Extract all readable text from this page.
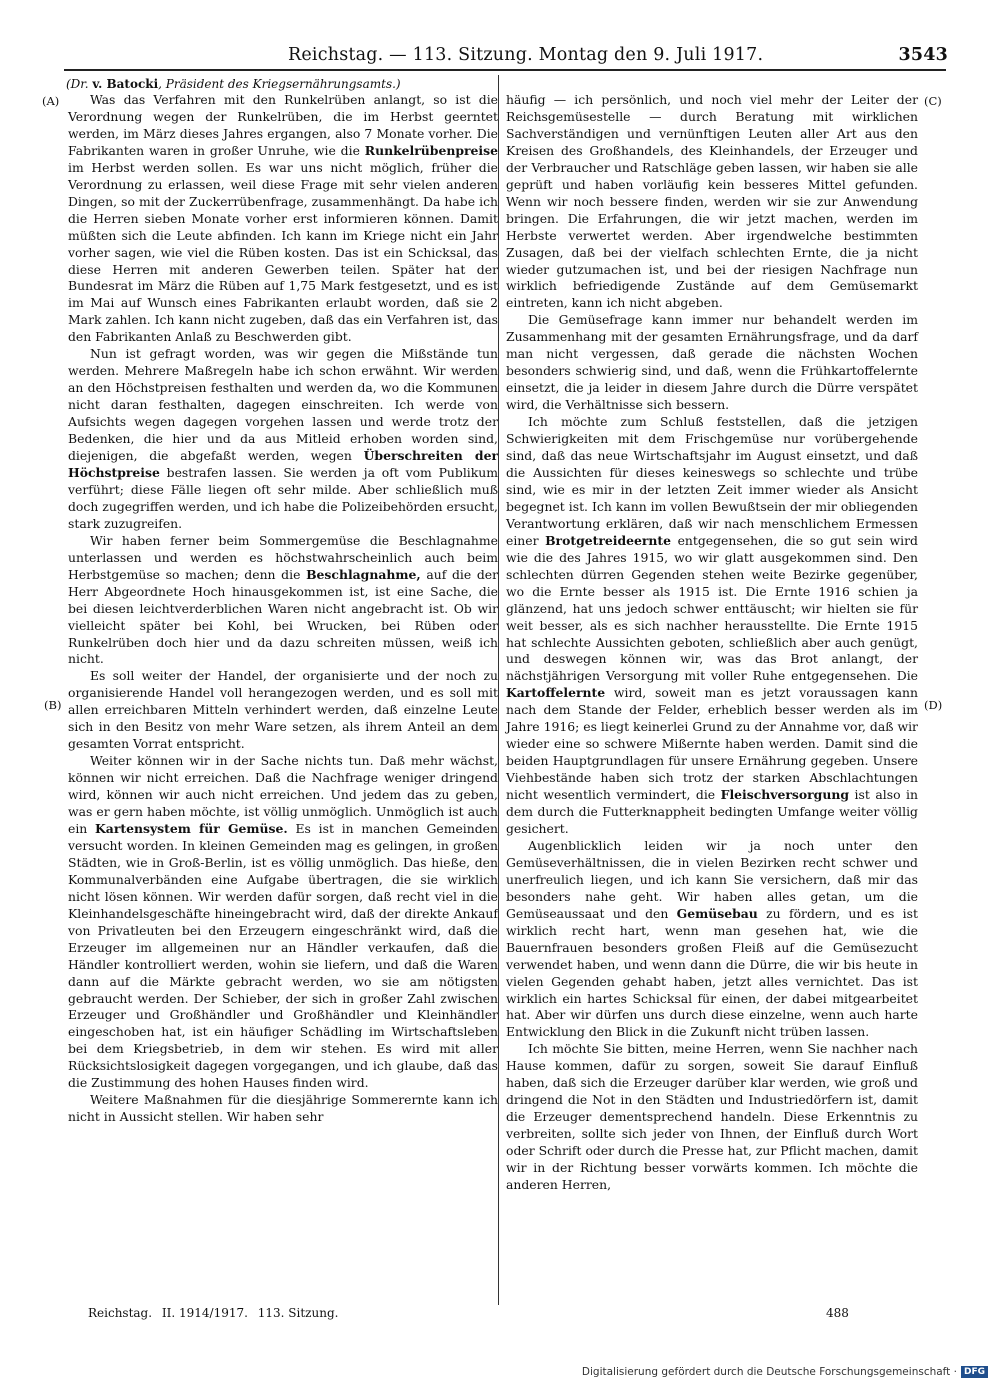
Reichstag. — 113. Sitzung. Montag den 9. Juli 1917.	3543
(Dr. v. Batocki, Präsident des Kriegsernährungsamts.)
(A)
(B)
(C)
(D)

Was das Verfahren mit den Runkelrüben anlangt, so ist die Verordnung wegen der Runkelrüben, die im Herbst geerntet werden, im März dieses Jahres ergangen, also 7 Monate vorher. Die Fabrikanten waren in großer Unruhe, wie die Runkelrübenpreise im Herbst werden sollen. Es war uns nicht möglich, früher die Verordnung zu erlassen, weil diese Frage mit sehr vielen anderen Dingen, so mit der Zuckerrübenfrage, zusammenhängt. Da habe ich die Herren sieben Monate vorher erst informieren können. Damit müßten sich die Leute abfinden. Ich kann im Kriege nicht ein Jahr vorher sagen, wie viel die Rüben kosten. Das ist ein Schicksal, das diese Herren mit anderen Gewerben teilen. Später hat der Bundesrat im März die Rüben auf 1,75 Mark festgesetzt, und es ist im Mai auf Wunsch eines Fabrikanten erlaubt worden, daß sie 2 Mark zahlen. Ich kann nicht zugeben, daß das ein Verfahren ist, das den Fabrikanten Anlaß zu Beschwerden gibt.

Nun ist gefragt worden, was wir gegen die Mißstände tun werden. Mehrere Maßregeln habe ich schon erwähnt. Wir werden an den Höchstpreisen festhalten und werden da, wo die Kommunen nicht daran festhalten, dagegen einschreiten. Ich werde von Aufsichts wegen dagegen vorgehen lassen und werde trotz der Bedenken, die hier und da aus Mitleid erhoben worden sind, diejenigen, die abgefaßt werden, wegen Überschreiten der Höchstpreise bestrafen lassen. Sie werden ja oft vom Publikum verführt; diese Fälle liegen oft sehr milde. Aber schließlich muß doch zugegriffen werden, und ich habe die Polizeibehörden ersucht, stark zuzugreifen.

Wir haben ferner beim Sommergemüse die Beschlagnahme unterlassen und werden es höchstwahrscheinlich auch beim Herbstgemüse so machen; denn die Beschlagnahme, auf die der Herr Abgeordnete Hoch hinausgekommen ist, ist eine Sache, die bei diesen leichtverderblichen Waren nicht angebracht ist. Ob wir vielleicht später bei Kohl, bei Wrucken, bei Rüben oder Runkelrüben doch hier und da dazu schreiten müssen, weiß ich nicht.

Es soll weiter der Handel, der organisierte und der noch zu organisierende Handel voll herangezogen werden, und es soll mit allen erreichbaren Mitteln verhindert werden, daß einzelne Leute sich in den Besitz von mehr Ware setzen, als ihrem Anteil an dem gesamten Vorrat entspricht.

Weiter können wir in der Sache nichts tun. Daß mehr wächst, können wir nicht erreichen. Daß die Nachfrage weniger dringend wird, können wir auch nicht erreichen. Und jedem das zu geben, was er gern haben möchte, ist völlig unmöglich. Unmöglich ist auch ein Kartensystem für Gemüse. Es ist in manchen Gemeinden versucht worden. In kleinen Gemeinden mag es gelingen, in großen Städten, wie in Groß-Berlin, ist es völlig unmöglich. Das hieße, den Kommunalverbänden eine Aufgabe übertragen, die sie wirklich nicht lösen können. Wir werden dafür sorgen, daß recht viel in die Kleinhandelsgeschäfte hineingebracht wird, daß der direkte Ankauf von Privatleuten bei den Erzeugern eingeschränkt wird, daß die Erzeuger im allgemeinen nur an Händler verkaufen, daß die Händler kontrolliert werden, wohin sie liefern, und daß die Waren dann auf die Märkte gebracht werden, wo sie am nötigsten gebraucht werden. Der Schieber, der sich in großer Zahl zwischen Erzeuger und Großhändler und Großhändler und Kleinhändler eingeschoben hat, ist ein häufiger Schädling im Wirtschaftsleben bei dem Kriegsbetrieb, in dem wir stehen. Es wird mit aller Rücksichtslosigkeit dagegen vorgegangen, und ich glaube, daß das die Zustimmung des hohen Hauses finden wird.

Weitere Maßnahmen für die diesjährige Sommerernte kann ich nicht in Aussicht stellen. Wir haben sehr

häufig — ich persönlich, und noch viel mehr der Leiter der Reichsgemüsestelle — durch Beratung mit wirklichen Sachverständigen und vernünftigen Leuten aller Art aus den Kreisen des Großhandels, des Kleinhandels, der Erzeuger und der Verbraucher und Ratschläge geben lassen, wir haben sie alle geprüft und haben vorläufig kein besseres Mittel gefunden. Wenn wir noch bessere finden, werden wir sie zur Anwendung bringen. Die Erfahrungen, die wir jetzt machen, werden im Herbste verwertet werden. Aber irgendwelche bestimmten Zusagen, daß bei der vielfach schlechten Ernte, die ja nicht wieder gutzumachen ist, und bei der riesigen Nachfrage nun wirklich befriedigende Zustände auf dem Gemüsemarkt eintreten, kann ich nicht abgeben.

Die Gemüsefrage kann immer nur behandelt werden im Zusammenhang mit der gesamten Ernährungsfrage, und da darf man nicht vergessen, daß gerade die nächsten Wochen besonders schwierig sind, und daß, wenn die Frühkartoffelernte einsetzt, die ja leider in diesem Jahre durch die Dürre verspätet wird, die Verhältnisse sich bessern.

Ich möchte zum Schluß feststellen, daß die jetzigen Schwierigkeiten mit dem Frischgemüse nur vorübergehende sind, daß das neue Wirtschaftsjahr im August einsetzt, und daß die Aussichten für dieses keineswegs so schlechte und trübe sind, wie es mir in der letzten Zeit immer wieder als Ansicht begegnet ist. Ich kann im vollen Bewußtsein der mir obliegenden Verantwortung erklären, daß wir nach menschlichem Ermessen einer Brotgetreideernte entgegensehen, die so gut sein wird wie die des Jahres 1915, wo wir glatt ausgekommen sind. Den schlechten dürren Gegenden stehen weite Bezirke gegenüber, wo die Ernte besser als 1915 ist. Die Ernte 1916 schien ja glänzend, hat uns jedoch schwer enttäuscht; wir hielten sie für weit besser, als es sich nachher herausstellte. Die Ernte 1915 hat schlechte Aussichten geboten, schließlich aber auch genügt, und deswegen können wir, was das Brot anlangt, der nächstjährigen Versorgung mit voller Ruhe entgegensehen. Die Kartoffelernte wird, soweit man es jetzt voraussagen kann nach dem Stande der Felder, erheblich besser werden als im Jahre 1916; es liegt keinerlei Grund zu der Annahme vor, daß wir wieder eine so schwere Mißernte haben werden. Damit sind die beiden Hauptgrundlagen für unsere Ernährung gegeben. Unsere Viehbestände haben sich trotz der starken Abschlachtungen nicht wesentlich vermindert, die Fleischversorgung ist also in dem durch die Futterknappheit bedingten Umfange weiter völlig gesichert.

Augenblicklich leiden wir ja noch unter den Gemüseverhältnissen, die in vielen Bezirken recht schwer und unerfreulich liegen, und ich kann Sie versichern, daß mir das besonders nahe geht. Wir haben alles getan, um die Gemüseaussaat und den Gemüsebau zu fördern, und es ist wirklich recht hart, wenn man gesehen hat, wie die Bauernfrauen besonders großen Fleiß auf die Gemüsezucht verwendet haben, und wenn dann die Dürre, die wir bis heute in vielen Gegenden gehabt haben, jetzt alles vernichtet. Das ist wirklich ein hartes Schicksal für einen, der dabei mitgearbeitet hat. Aber wir dürfen uns durch diese einzelne, wenn auch harte Entwicklung den Blick in die Zukunft nicht trüben lassen.

Ich möchte Sie bitten, meine Herren, wenn Sie nachher nach Hause kommen, dafür zu sorgen, soweit Sie darauf Einfluß haben, daß sich die Erzeuger darüber klar werden, wie groß und dringend die Not in den Städten und Industriedörfern ist, damit die Erzeuger dementsprechend handeln. Diese Erkenntnis zu verbreiten, sollte sich jeder von Ihnen, der Einfluß durch Wort oder Schrift oder durch die Presse hat, zur Pflicht machen, damit wir in der Richtung besser vorwärts kommen. Ich möchte die anderen Herren,

Reichstag. II. 1914/1917. 113. Sitzung.	488
Digitalisierung gefördert durch die Deutsche Forschungsgemeinschaft · DFG
